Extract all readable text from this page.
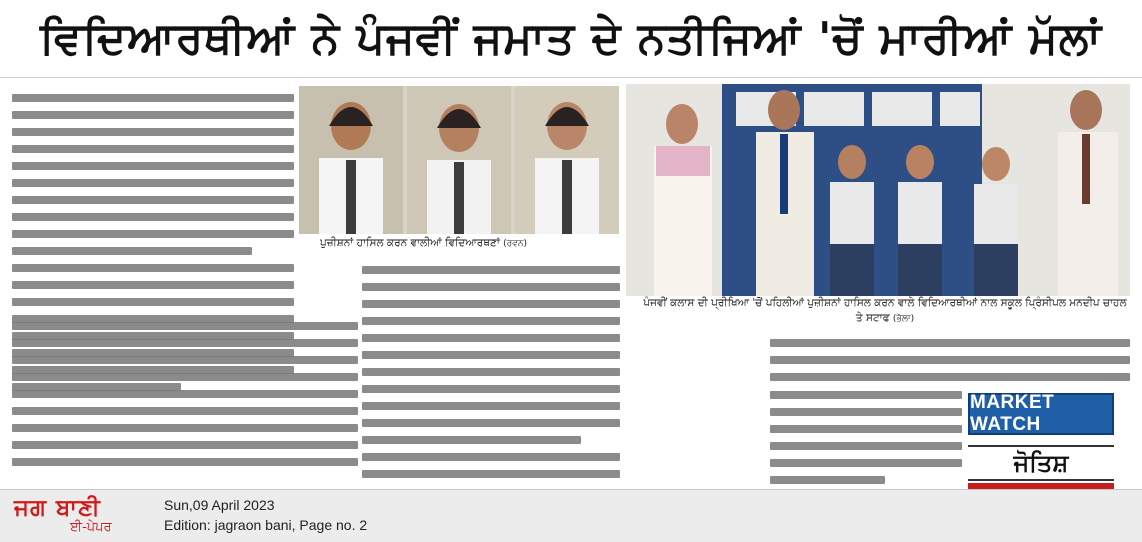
ਵਿਦਿਆਰਥੀਆਂ ਨੇ ਪੰਜਵੀਂ ਜਮਾਤ ਦੇ ਨਤੀਜਿਆਂ 'ਚੋਂ ਮਾਰੀਆਂ ਮੱਲਾਂ
ਪੁਜ਼ੀਸ਼ਨਾਂ ਹਾਸਿਲ ਕਰਨ ਵਾਲੀਆਂ ਵਿਦਿਆਰਥਣਾਂ (ਰਵਨ)
ਪੰਜਵੀਂ ਕਲਾਸ ਦੀ ਪ੍ਰੀਖਿਆ 'ਚੋਂ ਪਹਿਲੀਆਂ ਪੁਜ਼ੀਸ਼ਨਾਂ ਹਾਸਿਲ ਕਰਨ ਵਾਲੇ ਵਿਦਿਆਰਥੀਆਂ ਨਾਲ ਸਕੂਲ ਪ੍ਰਿੰਸੀਪਲ ਮਨਦੀਪ ਚਾਹਲ ਤੇ ਸਟਾਫ (ਭੱਲਾ)
MARKET WATCH
ਜੋਤਿਸ਼
ਜਗ ਬਾਣੀ
ਈ-ਪੇਪਰ
Sun,09 April 2023
Edition: jagraon bani, Page no. 2
